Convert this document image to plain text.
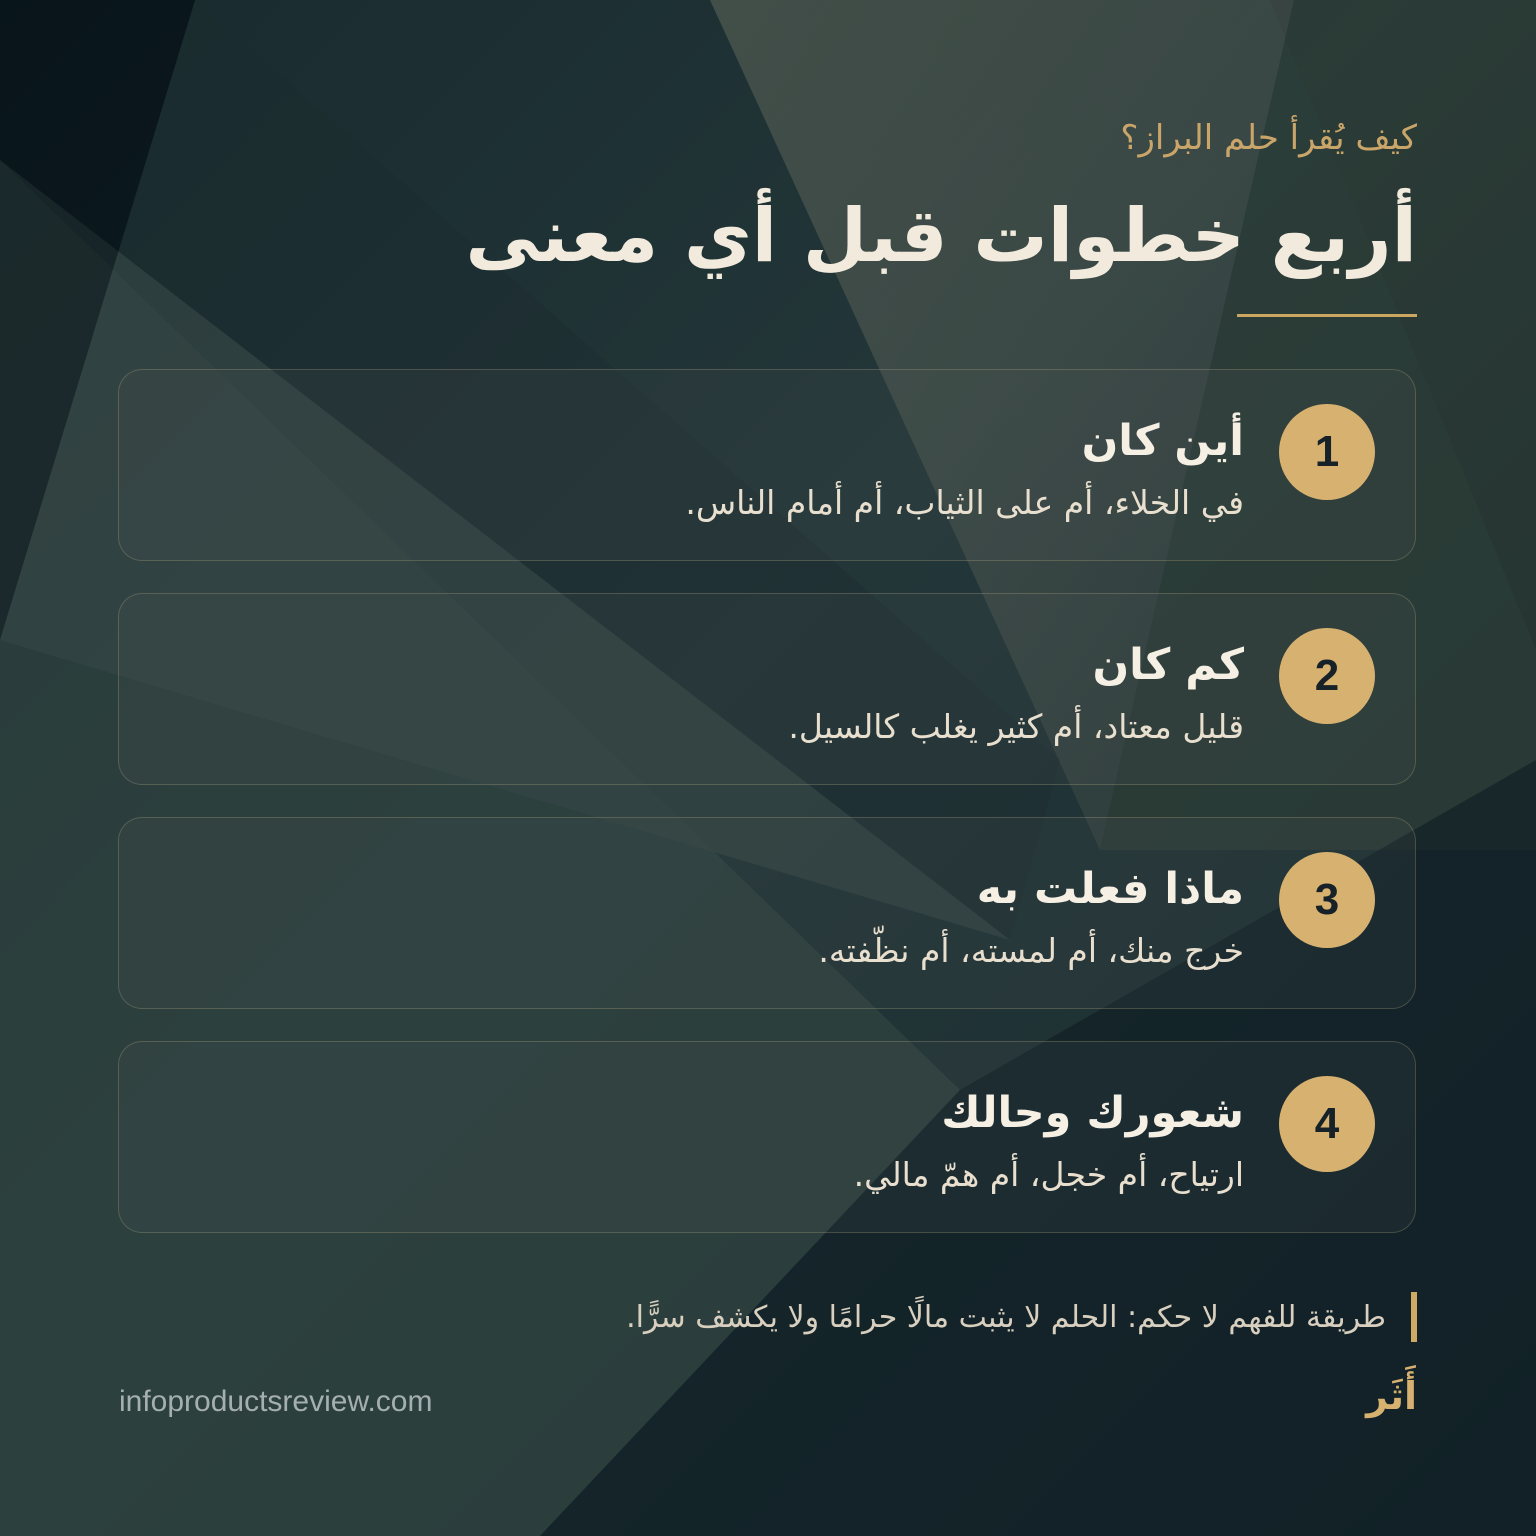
كيف يُقرأ حلم البراز؟
أربع خطوات قبل أي معنى
1
أين كان
في الخلاء، أم على الثياب، أم أمام الناس.
2
كم كان
قليل معتاد، أم كثير يغلب كالسيل.
3
ماذا فعلت به
خرج منك، أم لمسته، أم نظّفته.
4
شعورك وحالك
ارتياح، أم خجل، أم همّ مالي.
طريقة للفهم لا حكم: الحلم لا يثبت مالًا حرامًا ولا يكشف سرًّا.
infoproductsreview.com	أَثَر
